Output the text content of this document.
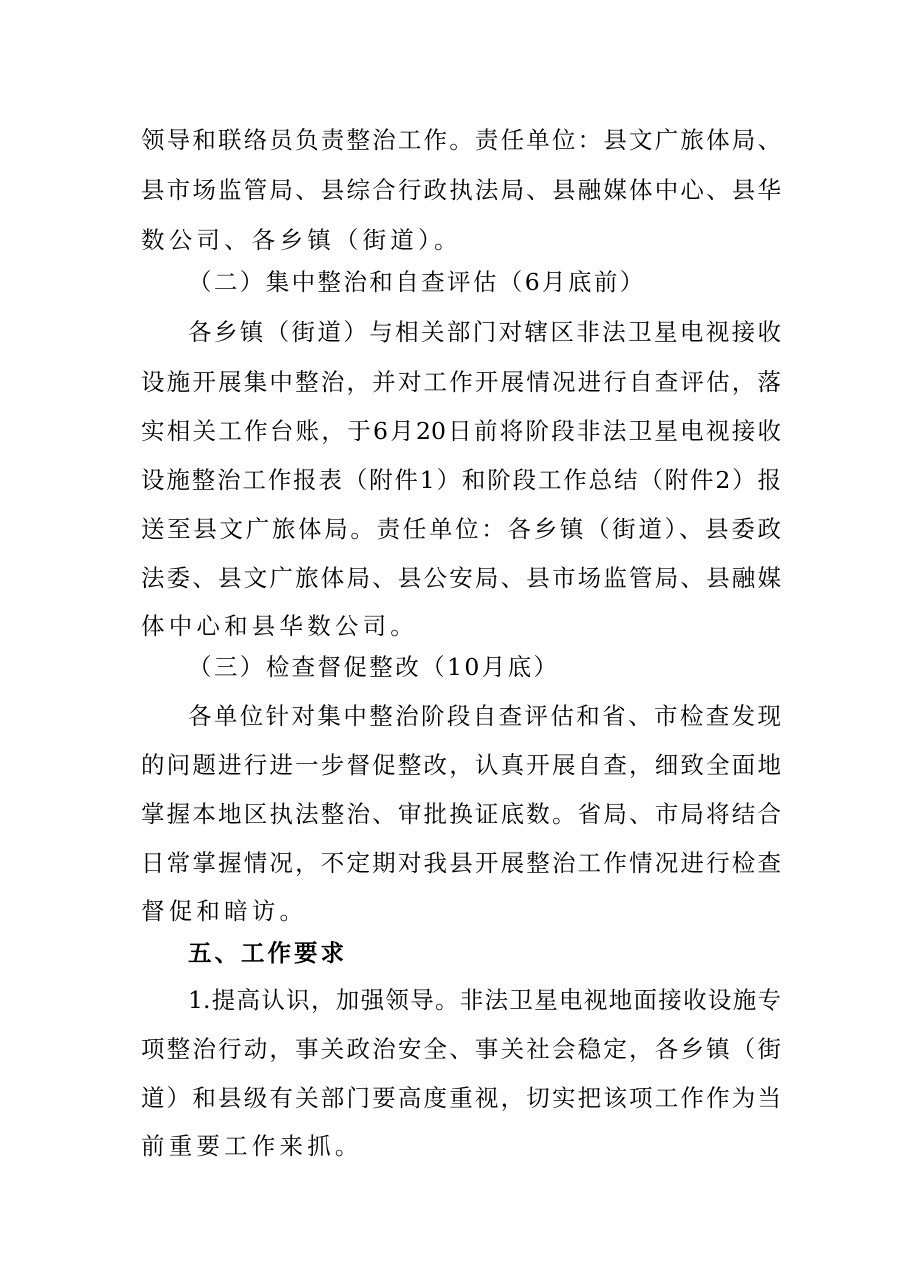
领导和联络员负责整治工作。责任单位：县文广旅体局、
县市场监管局、县综合行政执法局、县融媒体中心、县华
数公司、各乡镇（街道）。
（二）集中整治和自查评估（6月底前）
各乡镇（街道）与相关部门对辖区非法卫星电视接收
设施开展集中整治，并对工作开展情况进行自查评估，落
实相关工作台账，于6月20日前将阶段非法卫星电视接收
设施整治工作报表（附件1）和阶段工作总结（附件2）报
送至县文广旅体局。责任单位：各乡镇（街道）、县委政
法委、县文广旅体局、县公安局、县市场监管局、县融媒
体中心和县华数公司。
（三）检查督促整改（10月底）
各单位针对集中整治阶段自查评估和省、市检查发现
的问题进行进一步督促整改，认真开展自查，细致全面地
掌握本地区执法整治、审批换证底数。省局、市局将结合
日常掌握情况，不定期对我县开展整治工作情况进行检查
督促和暗访。
五、工作要求
1.提高认识，加强领导。非法卫星电视地面接收设施专
项整治行动，事关政治安全、事关社会稳定，各乡镇（街
道）和县级有关部门要高度重视，切实把该项工作作为当
前重要工作来抓。
